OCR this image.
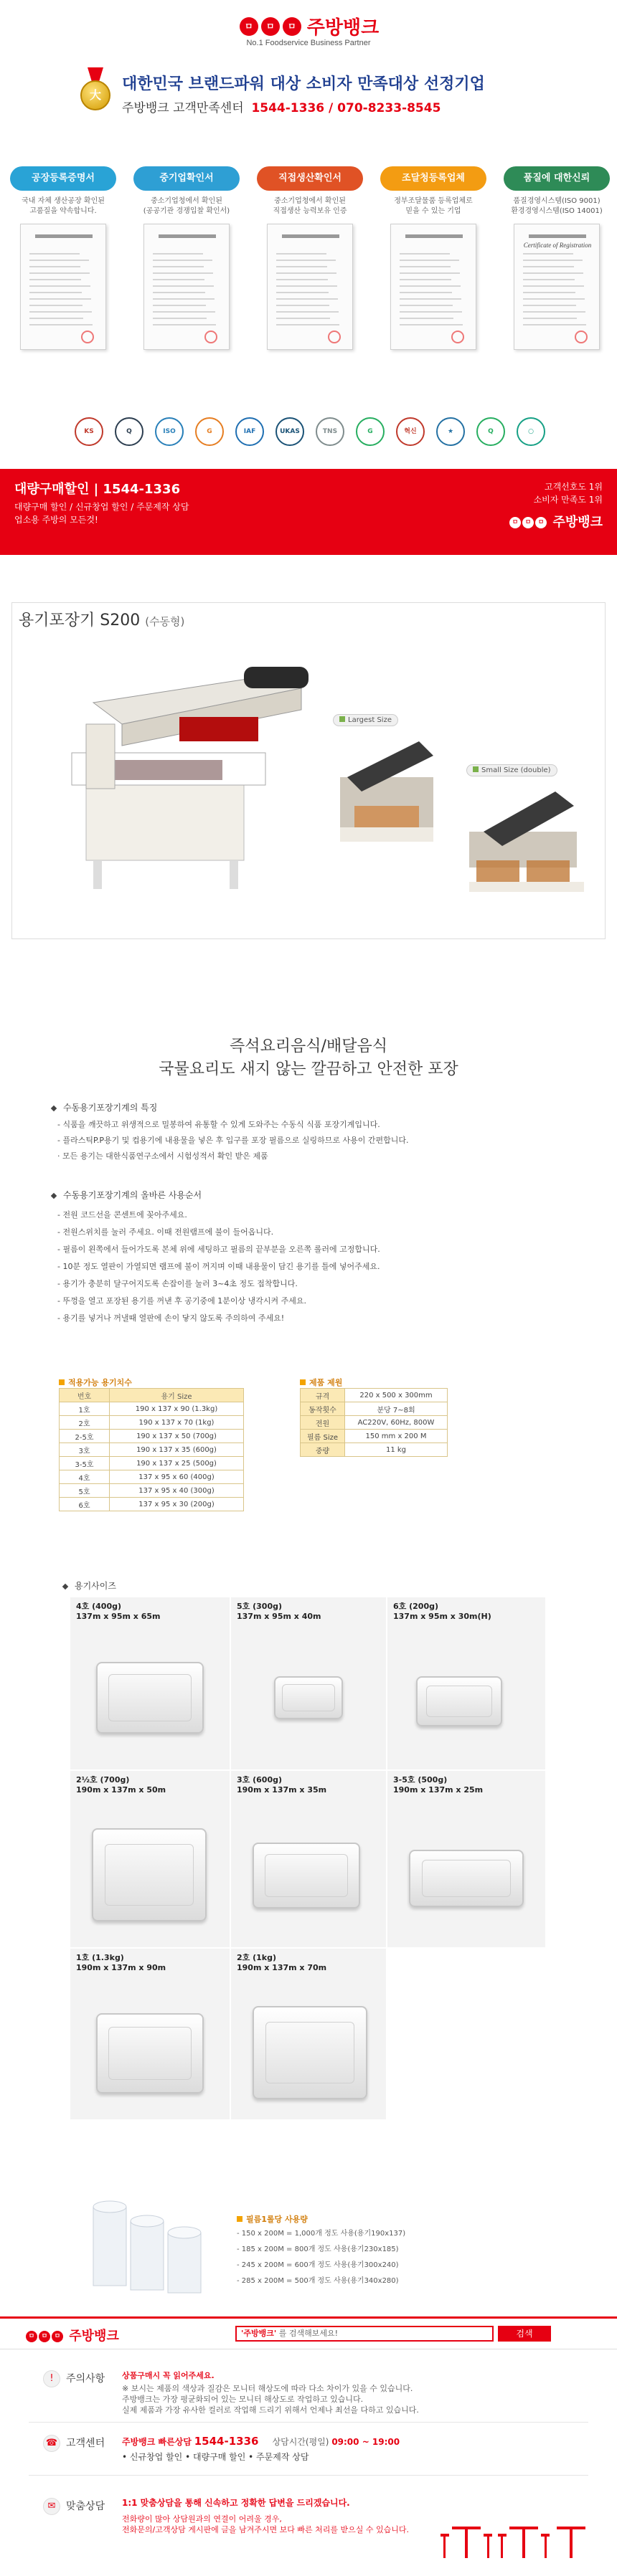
ㅁ ㅁ ㅁ 주방뱅크
No.1 Foodservice Business Partner
大
대한민국 브랜드파워 대상 소비자 만족대상 선정기업
주방뱅크 고객만족센터 1544-1336 / 070-8233-8545
공장등록증명서
국내 자체 생산공장 확인된
고품질을 약속합니다.
중기업확인서
중소기업청에서 확인된
(공공기관 경쟁입찰 확인서)
직접생산확인서
중소기업청에서 확인된
직접생산 능력보유 인증
조달청등록업체
정부조달물품 등록업체로
믿을 수 있는 기업
품질에 대한신뢰
품질경영시스템(ISO 9001)
환경경영시스템(ISO 14001)
Certificate of Registration
KS	Q	ISO	G	IAF	UKAS	TNS	G	혁신	★	Q	○
대량구매할인 | 1544-1336
대량구매 할인 / 신규창업 할인 / 주문제작 상담
업소용 주방의 모든것!
고객선호도 1위
소비자 만족도 1위
ㅁ ㅁ ㅁ 주방뱅크
용기포장기 S200 (수동형)
Largest Size
Small Size (double)
즉석요리음식/배달음식
국물요리도 새지 않는 깔끔하고 안전한 포장
수동용기포장기계의 특징
- 식품을 깨끗하고 위생적으로 밀봉하여 유통할 수 있게 도와주는 수동식 식품 포장기계입니다.
- 플라스틱P.P용기 및 컵용기에 내용물을 넣은 후 입구를 포장 필름으로 실링하므로 사용이 간편합니다.
· 모든 용기는 대한식품연구소에서 시험성적서 확인 받은 제품
수동용기포장기계의 올바른 사용순서
- 전원 코드선을 콘센트에 꽂아주세요.
- 전원스위치를 눌러 주세요. 이때 전원램프에 불이 들어옵니다.
- 필름이 왼쪽에서 들어가도록 본체 위에 세팅하고 필름의 끝부분을 오른쪽 롤러에 고정합니다.
- 10분 정도 열판이 가열되면 램프에 불이 꺼지며 이때 내용물이 담긴 용기를 틀에 넣어주세요.
- 용기가 충분히 달구어지도록 손잡이를 눌러 3~4초 정도 접착합니다.
- 뚜껑을 열고 포장된 용기를 꺼낸 후 공기중에 1분이상 냉각시켜 주세요.
- 용기를 넣거나 꺼낼때 열판에 손이 닿지 않도록 주의하여 주세요!
적용가능 용기치수
번호	용기 Size
1호	190 x 137 x 90 (1.3kg)
2호	190 x 137 x 70 (1kg)
2-5호	190 x 137 x 50 (700g)
3호	190 x 137 x 35 (600g)
3-5호	190 x 137 x 25 (500g)
4호	137 x 95 x 60 (400g)
5호	137 x 95 x 40 (300g)
6호	137 x 95 x 30 (200g)
제품 제원
규격	220 x 500 x 300mm
동작횟수	분당 7~8회
전원	AC220V, 60Hz, 800W
필름 Size	150 mm x 200 M
중량	11 kg
용기사이즈
4호 (400g)
137m x 95m x 65m
5호 (300g)
137m x 95m x 40m
6호 (200g)
137m x 95m x 30m(H)
2½호 (700g)
190m x 137m x 50m
3호 (600g)
190m x 137m x 35m
3-5호 (500g)
190m x 137m x 25m
1호 (1.3kg)
190m x 137m x 90m
2호 (1kg)
190m x 137m x 70m
필름1롤당 사용량
- 150 x 200M = 1,000개 정도 사용(용기190x137)
- 185 x 200M = 800개 정도 사용(용기230x185)
- 245 x 200M = 600개 정도 사용(용기300x240)
- 285 x 200M = 500개 정도 사용(용기340x280)
ㅁ ㅁ ㅁ 주방뱅크	'주방뱅크' 를 검색해보세요!	검색
! 주의사항 상품구매시 꼭 읽어주세요.
※ 보시는 제품의 색상과 질감은 모니터 해상도에 따라 다소 차이가 있을 수 있습니다.
주방뱅크는 가장 평균화되어 있는 모니터 해상도로 작업하고 있습니다.
실제 제품과 가장 유사한 컬러로 작업해 드리기 위해서 언제나 최선을 다하고 있습니다.
☎ 고객센터 주방뱅크 빠른상담 1544-1336 상담시간(평일) 09:00 ~ 19:00
• 신규창업 할인 • 대량구매 할인 • 주문제작 상담
✉ 맞춤상담 1:1 맞춤상담을 통해 신속하고 정확한 답변을 드리겠습니다.
전화량이 많아 상담원과의 연결이 어려울 경우,
전화문의/고객상담 게시판에 글을 남겨주시면 보다 빠른 처리를 받으실 수 있습니다.
